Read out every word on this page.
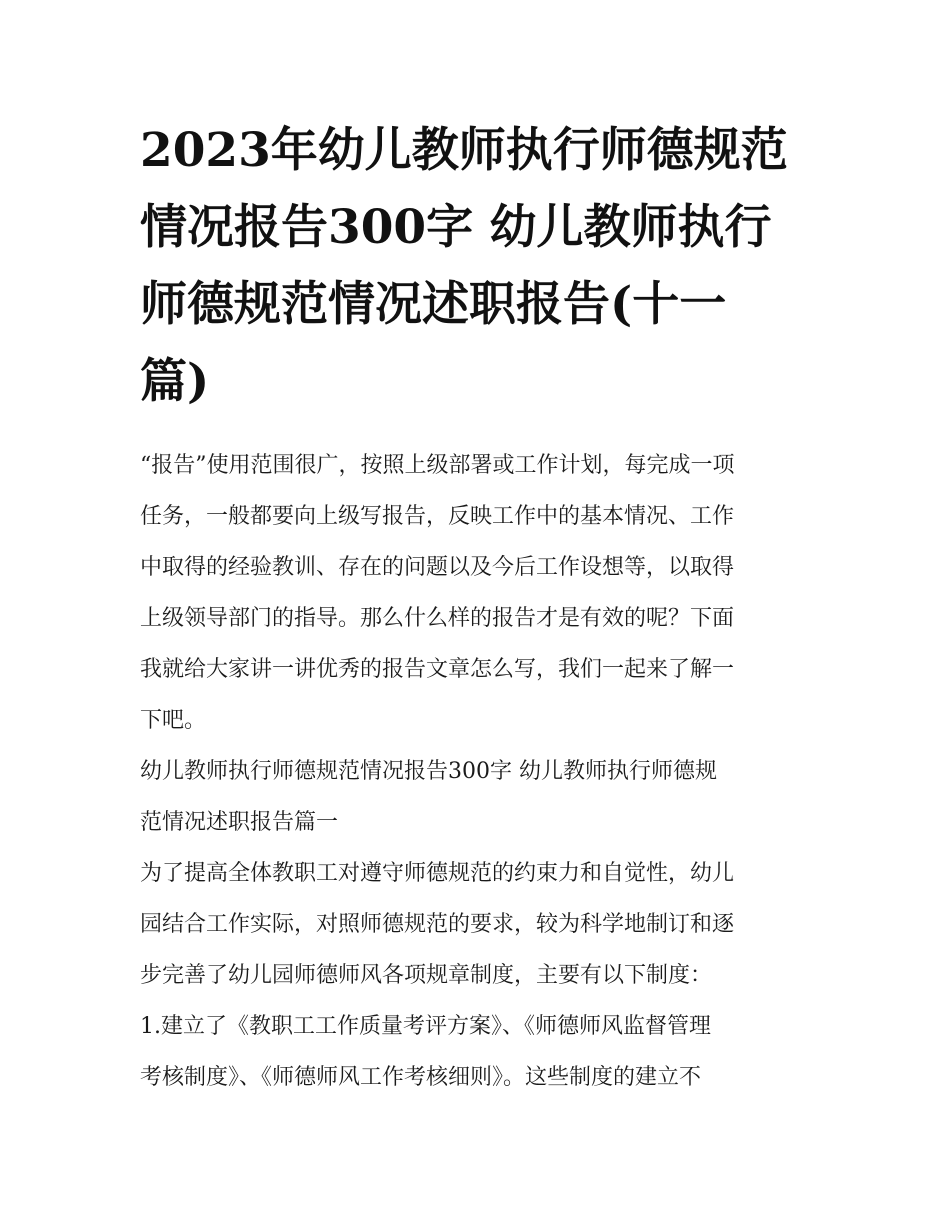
2023年幼儿教师执行师德规范
情况报告300字 幼儿教师执行
师德规范情况述职报告(十一
篇)
“报告”使用范围很广，按照上级部署或工作计划，每完成一项
任务，一般都要向上级写报告，反映工作中的基本情况、工作
中取得的经验教训、存在的问题以及今后工作设想等，以取得
上级领导部门的指导。那么什么样的报告才是有效的呢？下面
我就给大家讲一讲优秀的报告文章怎么写，我们一起来了解一
下吧。
幼儿教师执行师德规范情况报告300字 幼儿教师执行师德规
范情况述职报告篇一
为了提高全体教职工对遵守师德规范的约束力和自觉性，幼儿
园结合工作实际，对照师德规范的要求，较为科学地制订和逐
步完善了幼儿园师德师风各项规章制度，主要有以下制度：
1.建立了《教职工工作质量考评方案》、《师德师风监督管理
考核制度》、《师德师风工作考核细则》。这些制度的建立不
